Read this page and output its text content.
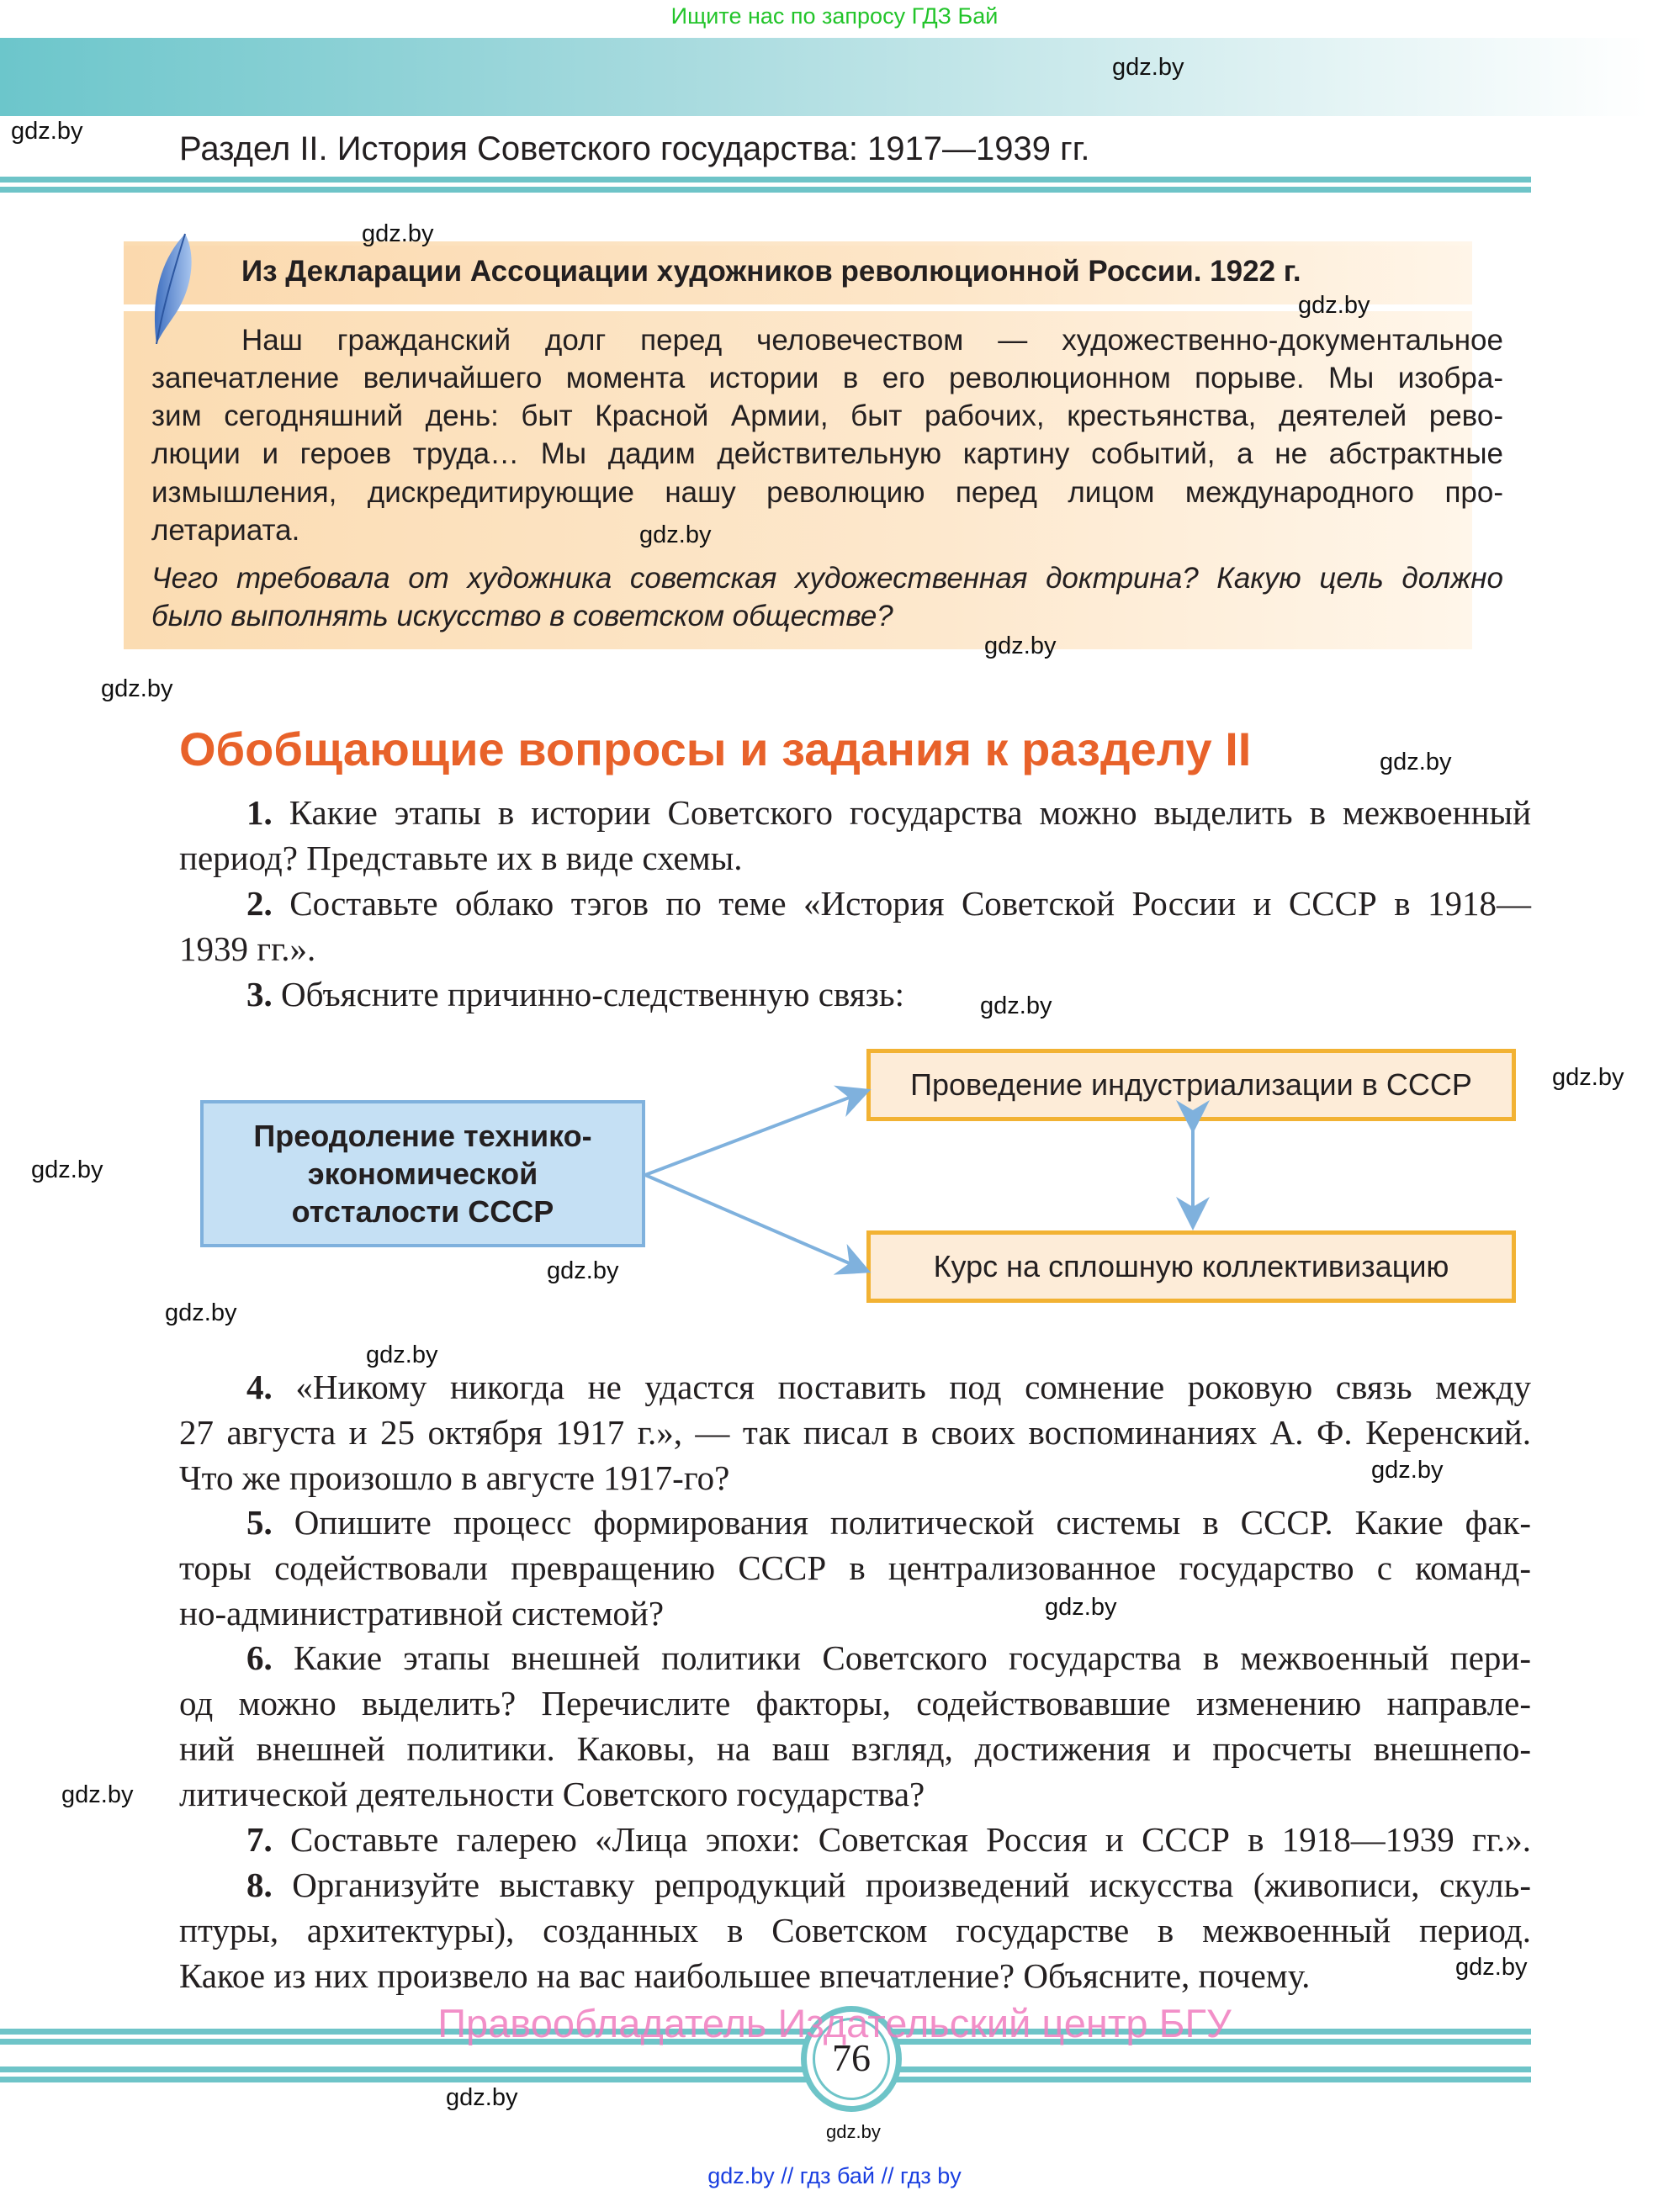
Ищите нас по запросу ГДЗ Бай
Раздел II. История Советского государства: 1917—1939 гг.
Из Декларации Ассоциации художников революционной России. 1922 г.
Наш гражданский долг перед человечеством — художественно-документальное
запечатление величайшего момента истории в его революционном порыве. Мы изобра-
зим сегодняшний день: быт Красной Армии, быт рабочих, крестьянства, деятелей рево-
люции и героев труда… Мы дадим действительную картину событий, а не абстрактные
измышления, дискредитирующие нашу революцию перед лицом международного про-
летариата.
Чего требовала от художника советская художественная доктрина? Какую цель должно
было выполнять искусство в советском обществе?
Обобщающие вопросы и задания к разделу II
1. Какие этапы в истории Советского государства можно выделить в межвоенный
период? Представьте их в виде схемы.
2. Составьте облако тэгов по теме «История Советской России и СССР в 1918—
1939 гг.».
3. Объясните причинно-следственную связь:
4. «Никому никогда не удастся поставить под сомнение роковую связь между
27 августа и 25 октября 1917 г.», — так писал в своих воспоминаниях А. Ф. Керенский.
Что же произошло в августе 1917-го?
5. Опишите процесс формирования политической системы в СССР. Какие фак-
торы содействовали превращению СССР в централизованное государство с команд-
но-административной системой?
6. Какие этапы внешней политики Советского государства в межвоенный пери-
од можно выделить? Перечислите факторы, содействовавшие изменению направле-
ний внешней политики. Каковы, на ваш взгляд, достижения и просчеты внешнепо-
литической деятельности Советского государства?
7. Составьте галерею «Лица эпохи: Советская Россия и СССР в 1918—1939 гг.».
8. Организуйте выставку репродукций произведений искусства (живописи, скуль-
птуры, архитектуры), созданных в Советском государстве в межвоенный период.
Какое из них произвело на вас наибольшее впечатление? Объясните, почему.
Преодоление технико-
экономической
отсталости СССР
Проведение индустриализации в СССР
Курс на сплошную коллективизацию
76
Правообладатель Издательский центр БГУ
gdz.by // гдз бай // гдз by
gdz.by
gdz.by
gdz.by
gdz.by
gdz.by
gdz.by
gdz.by
gdz.by
gdz.by
gdz.by
gdz.by
gdz.by
gdz.by
gdz.by
gdz.by
gdz.by
gdz.by
gdz.by
gdz.by
gdz.by
